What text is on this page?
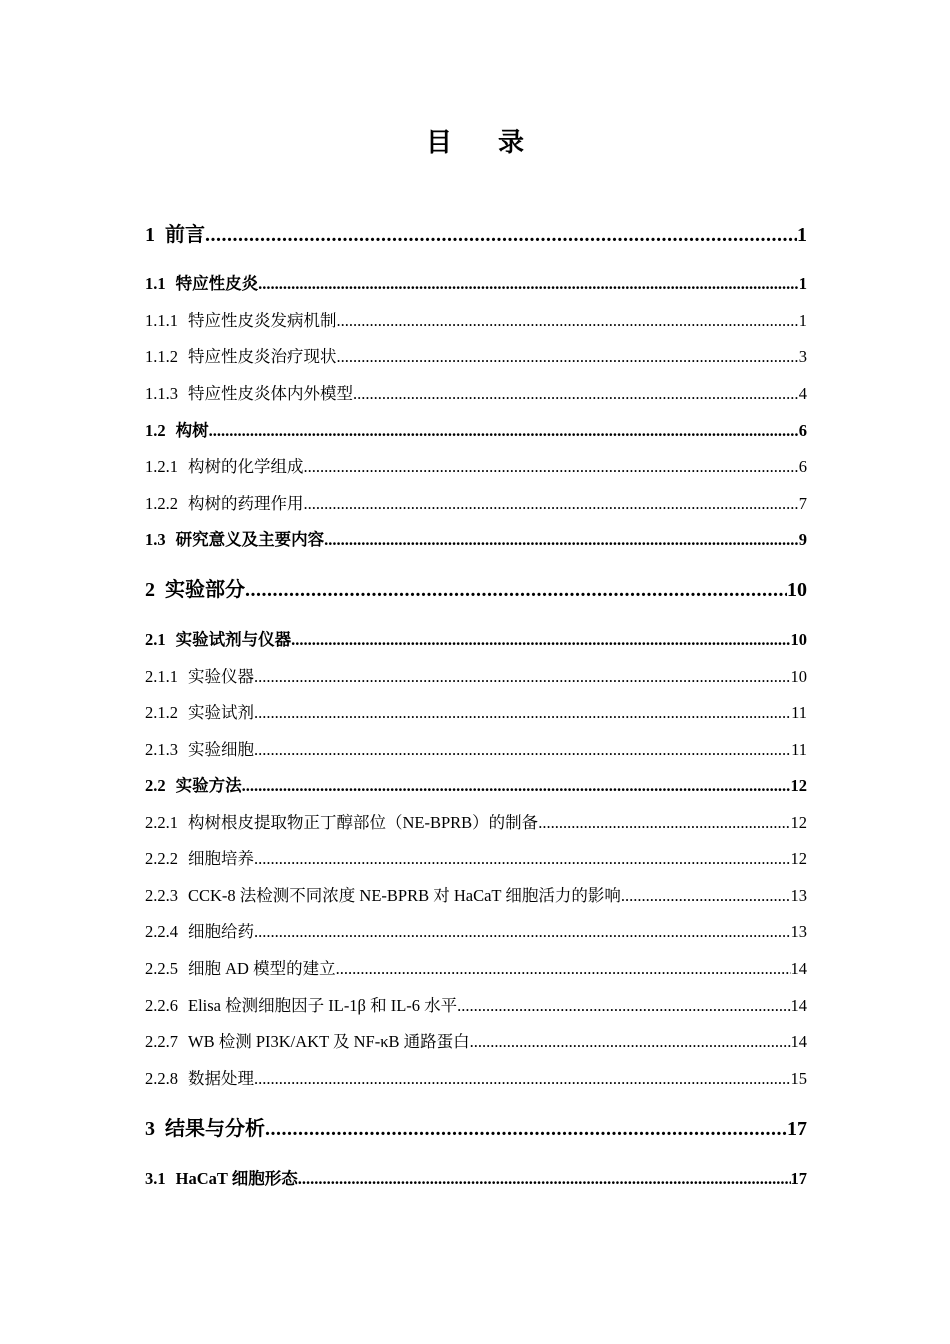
目 录
1 前言 .....	1
1.1 特应性皮炎 .....	1
1.1.1 特应性皮炎发病机制 .....	1
1.1.2 特应性皮炎治疗现状 .....	3
1.1.3 特应性皮炎体内外模型 .....	4
1.2 构树 .....	6
1.2.1 构树的化学组成 .....	6
1.2.2 构树的药理作用 .....	7
1.3 研究意义及主要内容 .....	9
2 实验部分 .....	10
2.1 实验试剂与仪器 .....	10
2.1.1 实验仪器 .....	10
2.1.2 实验试剂 .....	11
2.1.3 实验细胞 .....	11
2.2 实验方法 .....	12
2.2.1 构树根皮提取物正丁醇部位（NE-BPRB）的制备 .....	12
2.2.2 细胞培养 .....	12
2.2.3 CCK-8 法检测不同浓度 NE-BPRB 对 HaCaT 细胞活力的影响 .....	13
2.2.4 细胞给药 .....	13
2.2.5 细胞 AD 模型的建立 .....	14
2.2.6 Elisa 检测细胞因子 IL-1β 和 IL-6 水平 .....	14
2.2.7 WB 检测 PI3K/AKT 及 NF-κB 通路蛋白 .....	14
2.2.8 数据处理 .....	15
3 结果与分析 .....	17
3.1 HaCaT 细胞形态 .....	17
